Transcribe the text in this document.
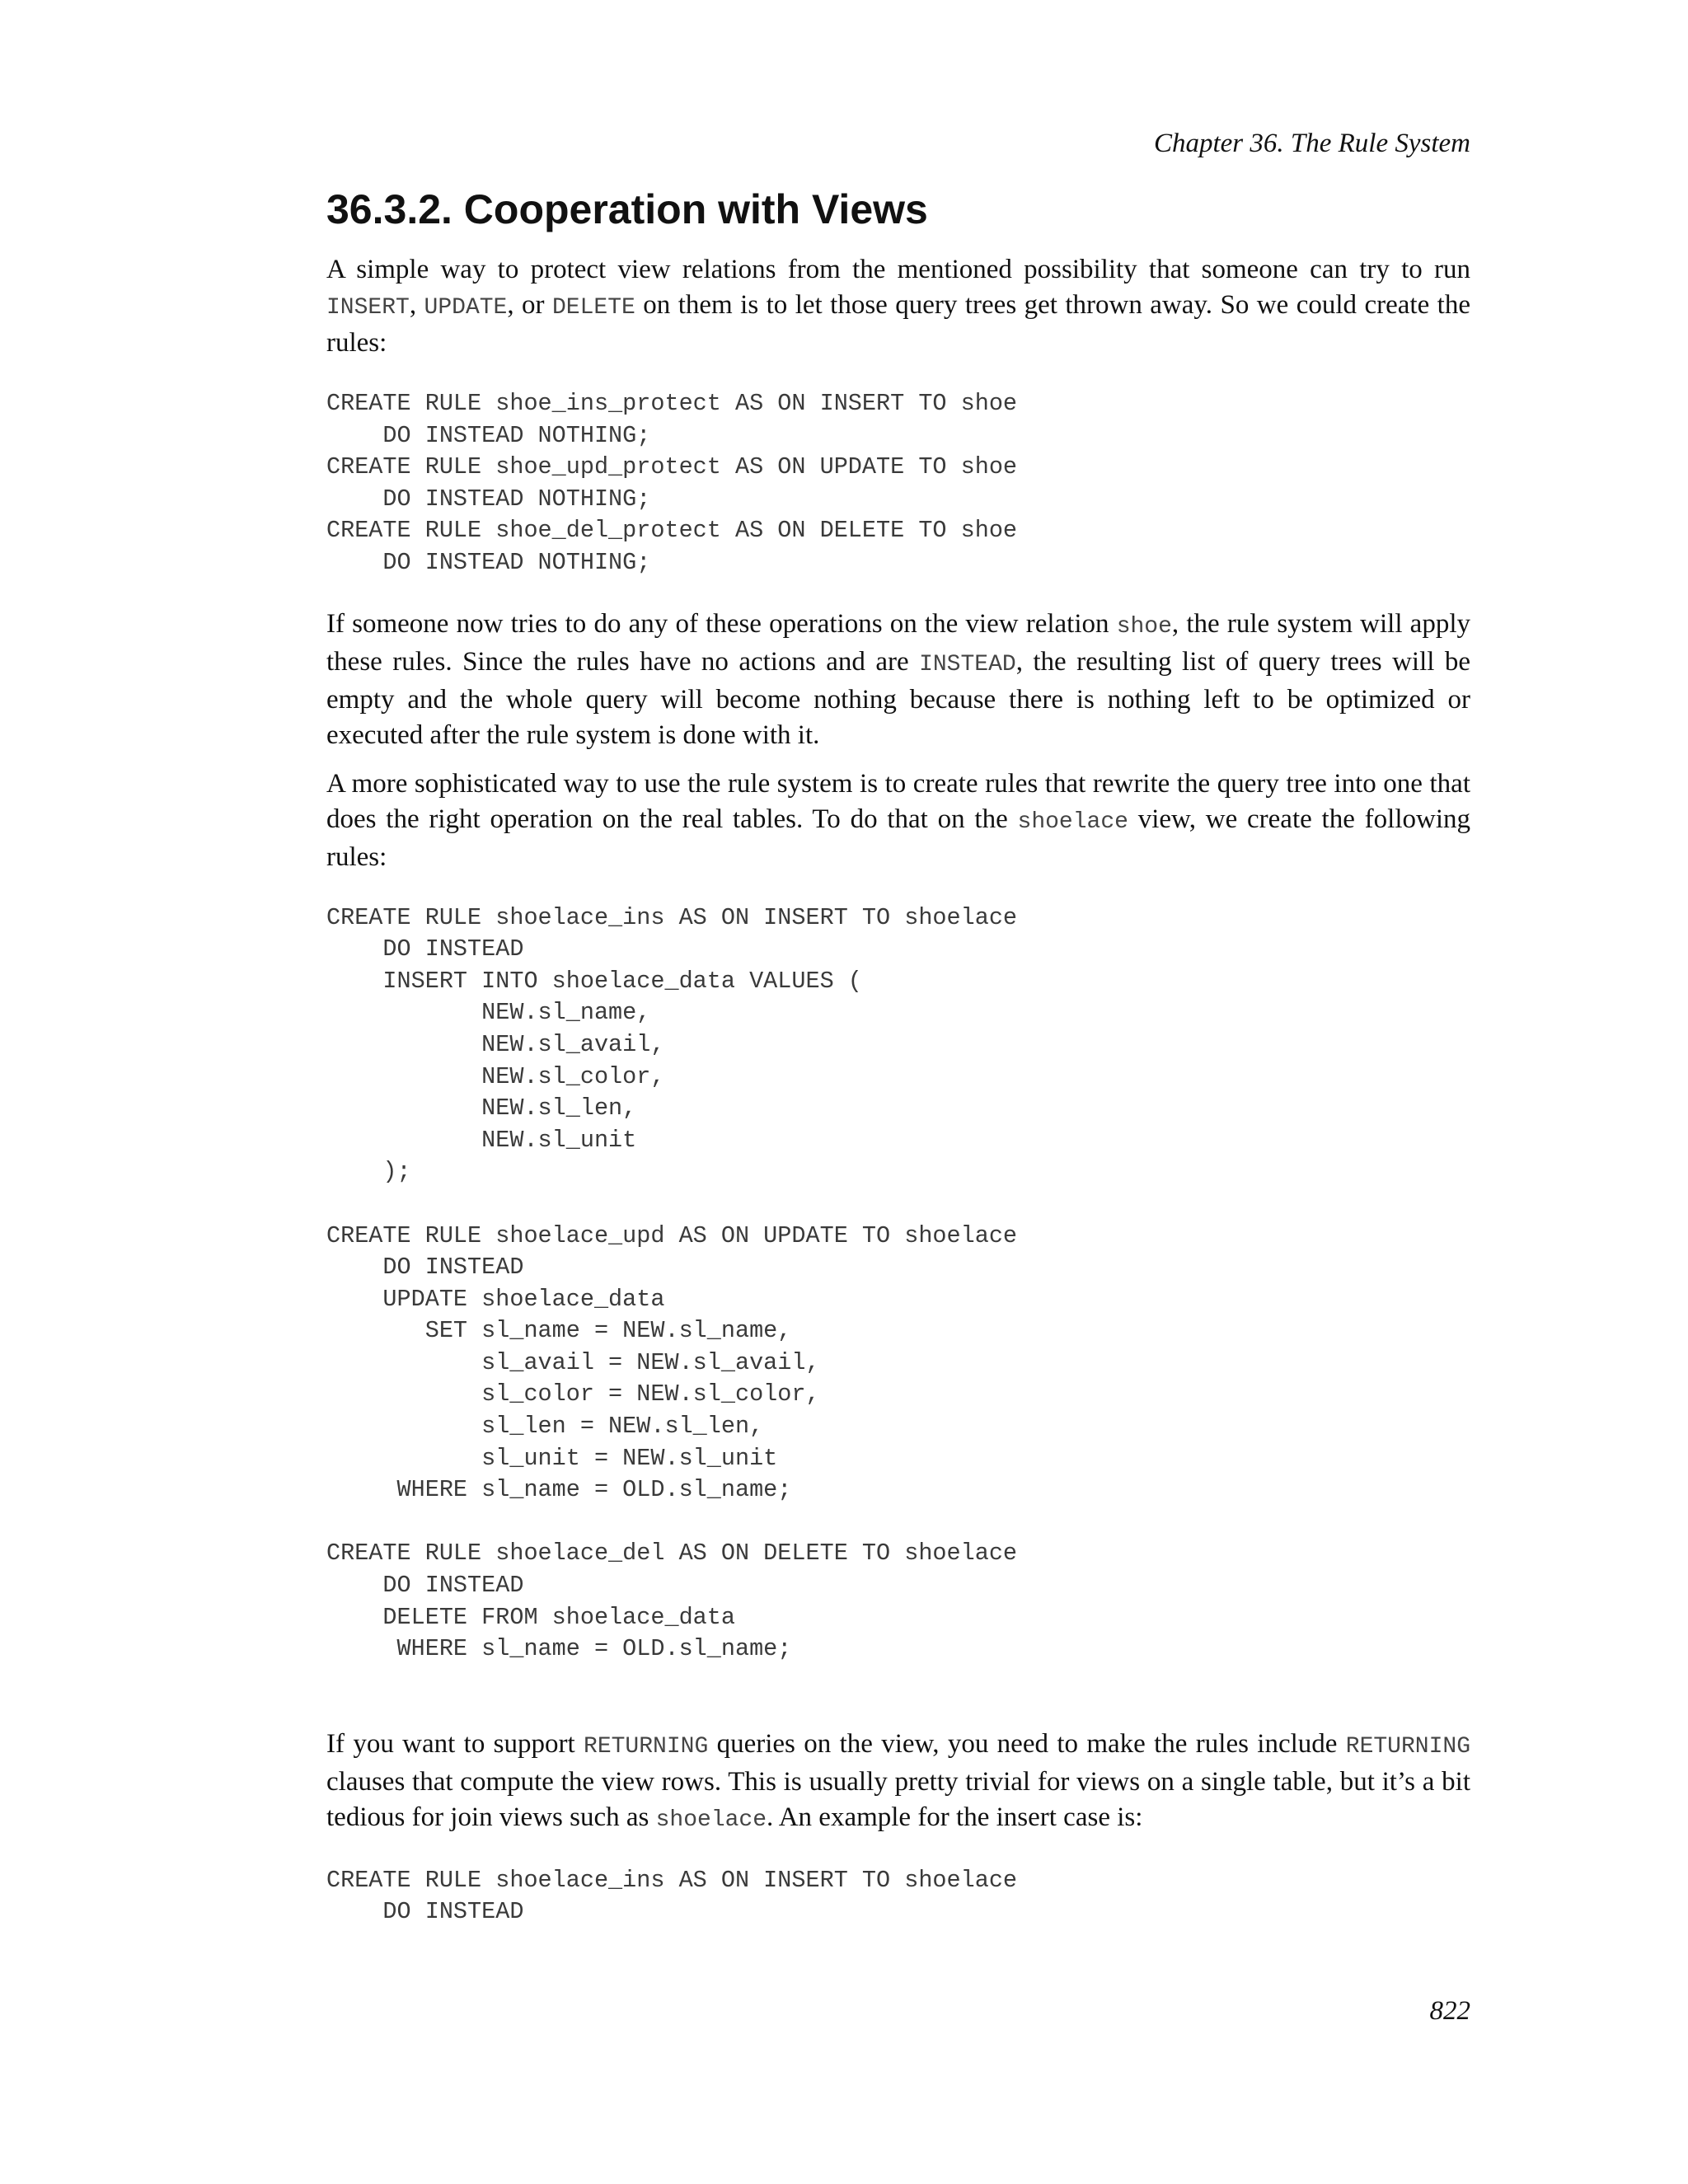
Chapter 36. The Rule System

36.3.2. Cooperation with Views

A simple way to protect view relations from the mentioned possibility that someone can try to run INSERT, UPDATE, or DELETE on them is to let those query trees get thrown away. So we could create the rules:

CREATE RULE shoe_ins_protect AS ON INSERT TO shoe
DO INSTEAD NOTHING;
CREATE RULE shoe_upd_protect AS ON UPDATE TO shoe
DO INSTEAD NOTHING;
CREATE RULE shoe_del_protect AS ON DELETE TO shoe
DO INSTEAD NOTHING;

If someone now tries to do any of these operations on the view relation shoe, the rule system will apply these rules. Since the rules have no actions and are INSTEAD, the resulting list of query trees will be empty and the whole query will become nothing because there is nothing left to be optimized or executed after the rule system is done with it.

A more sophisticated way to use the rule system is to create rules that rewrite the query tree into one that does the right operation on the real tables. To do that on the shoelace view, we create the following rules:

CREATE RULE shoelace_ins AS ON INSERT TO shoelace
DO INSTEAD
INSERT INTO shoelace_data VALUES (
NEW.sl_name,
NEW.sl_avail,
NEW.sl_color,
NEW.sl_len,
NEW.sl_unit
);

CREATE RULE shoelace_upd AS ON UPDATE TO shoelace
DO INSTEAD
UPDATE shoelace_data
SET sl_name = NEW.sl_name,
sl_avail = NEW.sl_avail,
sl_color = NEW.sl_color,
sl_len = NEW.sl_len,
sl_unit = NEW.sl_unit
WHERE sl_name = OLD.sl_name;

CREATE RULE shoelace_del AS ON DELETE TO shoelace
DO INSTEAD
DELETE FROM shoelace_data
WHERE sl_name = OLD.sl_name;

If you want to support RETURNING queries on the view, you need to make the rules include RETURNING clauses that compute the view rows. This is usually pretty trivial for views on a single table, but it’s a bit tedious for join views such as shoelace. An example for the insert case is:

CREATE RULE shoelace_ins AS ON INSERT TO shoelace
DO INSTEAD

822
